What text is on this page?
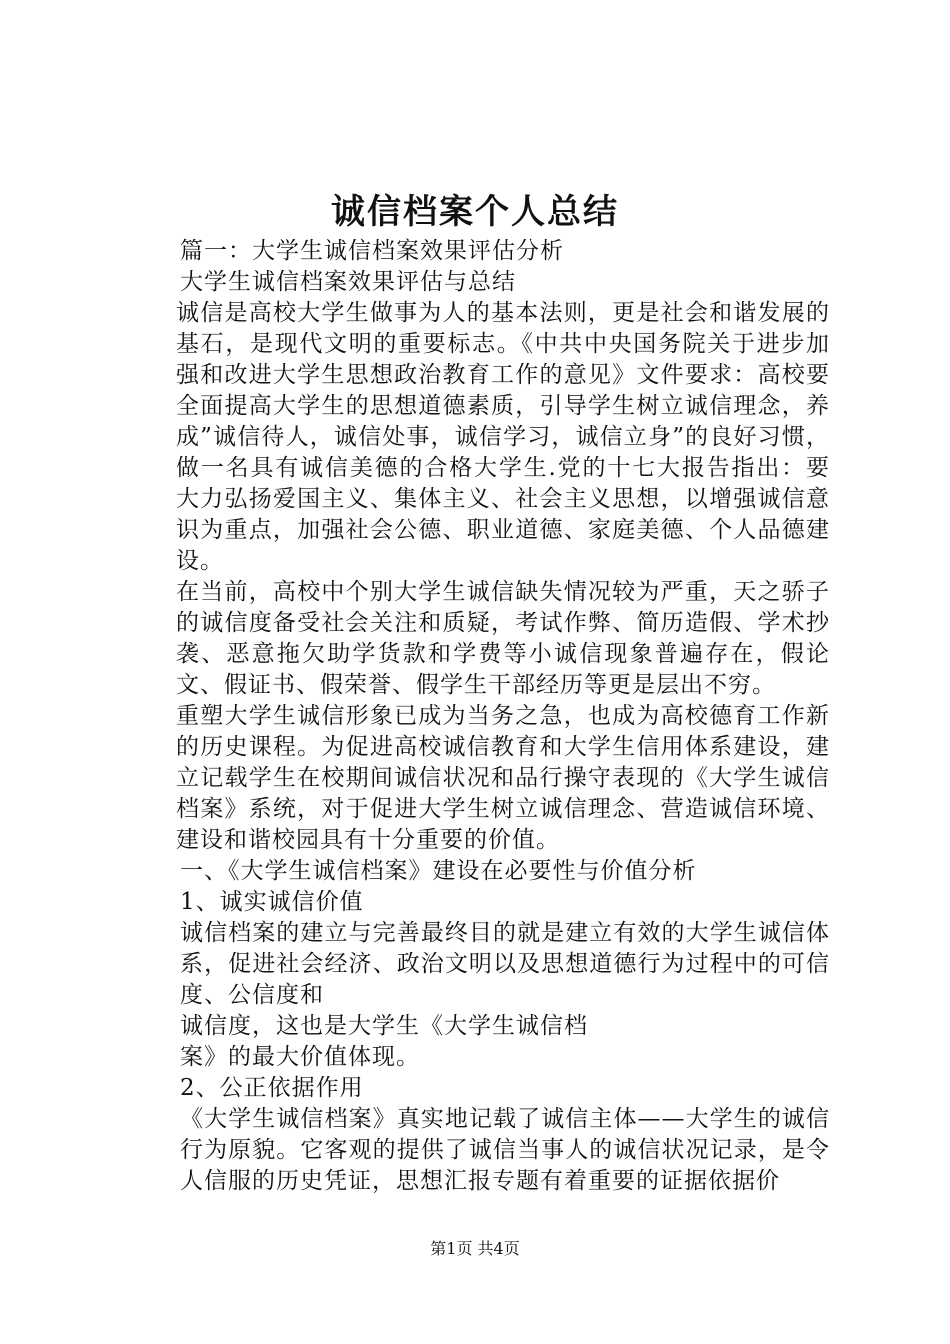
诚信档案个人总结
篇一：大学生诚信档案效果评估分析
大学生诚信档案效果评估与总结

诚信是高校大学生做事为人的基本法则，更是社会和谐发展的基石，是现代文明的重要标志。《中共中央国务院关于进步加强和改进大学生思想政治教育工作的意见》文件要求：高校要全面提高大学生的思想道德素质，引导学生树立诚信理念，养成”诚信待人，诚信处事，诚信学习，诚信立身”的良好习惯，做一名具有诚信美德的合格大学生.党的十七大报告指出：要大力弘扬爱国主义、集体主义、社会主义思想，以增强诚信意识为重点，加强社会公德、职业道德、家庭美德、个人品德建设。

在当前，高校中个别大学生诚信缺失情况较为严重，天之骄子的诚信度备受社会关注和质疑，考试作弊、简历造假、学术抄袭、恶意拖欠助学货款和学费等小诚信现象普遍存在，假论文、假证书、假荣誉、假学生干部经历等更是层出不穷。

重塑大学生诚信形象已成为当务之急，也成为高校德育工作新的历史课程。为促进高校诚信教育和大学生信用体系建设，建立记载学生在校期间诚信状况和品行操守表现的《大学生诚信档案》系统，对于促进大学生树立诚信理念、营造诚信环境、建设和谐校园具有十分重要的价值。

一、《大学生诚信档案》建设在必要性与价值分析
1、诚实诚信价值

诚信档案的建立与完善最终目的就是建立有效的大学生诚信体系，促进社会经济、政治文明以及思想道德行为过程中的可信度、公信度和

诚信度，这也是大学生《大学生诚信档
案》的最大价值体现。
2、公正依据作用

《大学生诚信档案》真实地记载了诚信主体——大学生的诚信行为原貌。它客观的提供了诚信当事人的诚信状况记录，是令人信服的历史凭证，思想汇报专题有着重要的证据依据价

第1页 共4页
